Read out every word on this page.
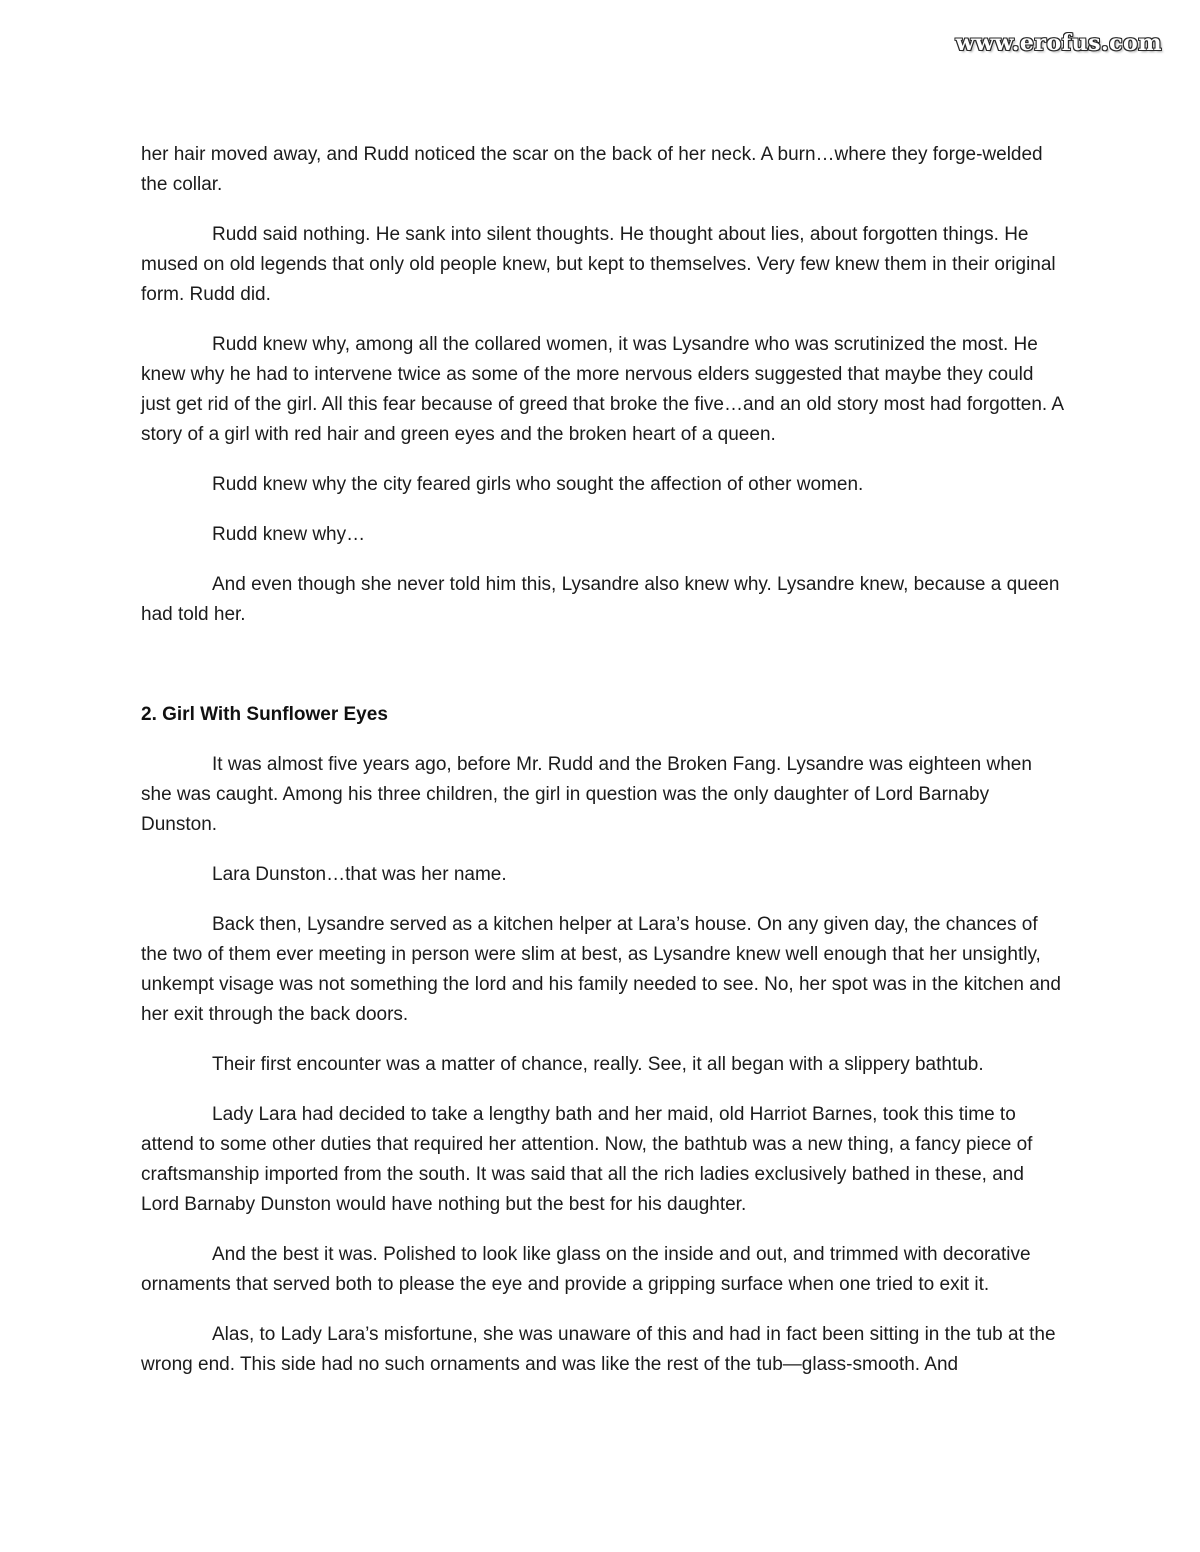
www.erofus.com

her hair moved away, and Rudd noticed the scar on the back of her neck. A burn…where they forge-welded the collar.

Rudd said nothing. He sank into silent thoughts. He thought about lies, about forgotten things. He mused on old legends that only old people knew, but kept to themselves. Very few knew them in their original form. Rudd did.

Rudd knew why, among all the collared women, it was Lysandre who was scrutinized the most. He knew why he had to intervene twice as some of the more nervous elders suggested that maybe they could just get rid of the girl. All this fear because of greed that broke the five…and an old story most had forgotten. A story of a girl with red hair and green eyes and the broken heart of a queen.

Rudd knew why the city feared girls who sought the affection of other women.

Rudd knew why…

And even though she never told him this, Lysandre also knew why. Lysandre knew, because a queen had told her.

2. Girl With Sunflower Eyes

It was almost five years ago, before Mr. Rudd and the Broken Fang. Lysandre was eighteen when she was caught. Among his three children, the girl in question was the only daughter of Lord Barnaby Dunston.

Lara Dunston…that was her name.

Back then, Lysandre served as a kitchen helper at Lara’s house. On any given day, the chances of the two of them ever meeting in person were slim at best, as Lysandre knew well enough that her unsightly, unkempt visage was not something the lord and his family needed to see. No, her spot was in the kitchen and her exit through the back doors.

Their first encounter was a matter of chance, really. See, it all began with a slippery bathtub.

Lady Lara had decided to take a lengthy bath and her maid, old Harriot Barnes, took this time to attend to some other duties that required her attention. Now, the bathtub was a new thing, a fancy piece of craftsmanship imported from the south. It was said that all the rich ladies exclusively bathed in these, and Lord Barnaby Dunston would have nothing but the best for his daughter.

And the best it was. Polished to look like glass on the inside and out, and trimmed with decorative ornaments that served both to please the eye and provide a gripping surface when one tried to exit it.

Alas, to Lady Lara’s misfortune, she was unaware of this and had in fact been sitting in the tub at the wrong end. This side had no such ornaments and was like the rest of the tub—glass-smooth. And
